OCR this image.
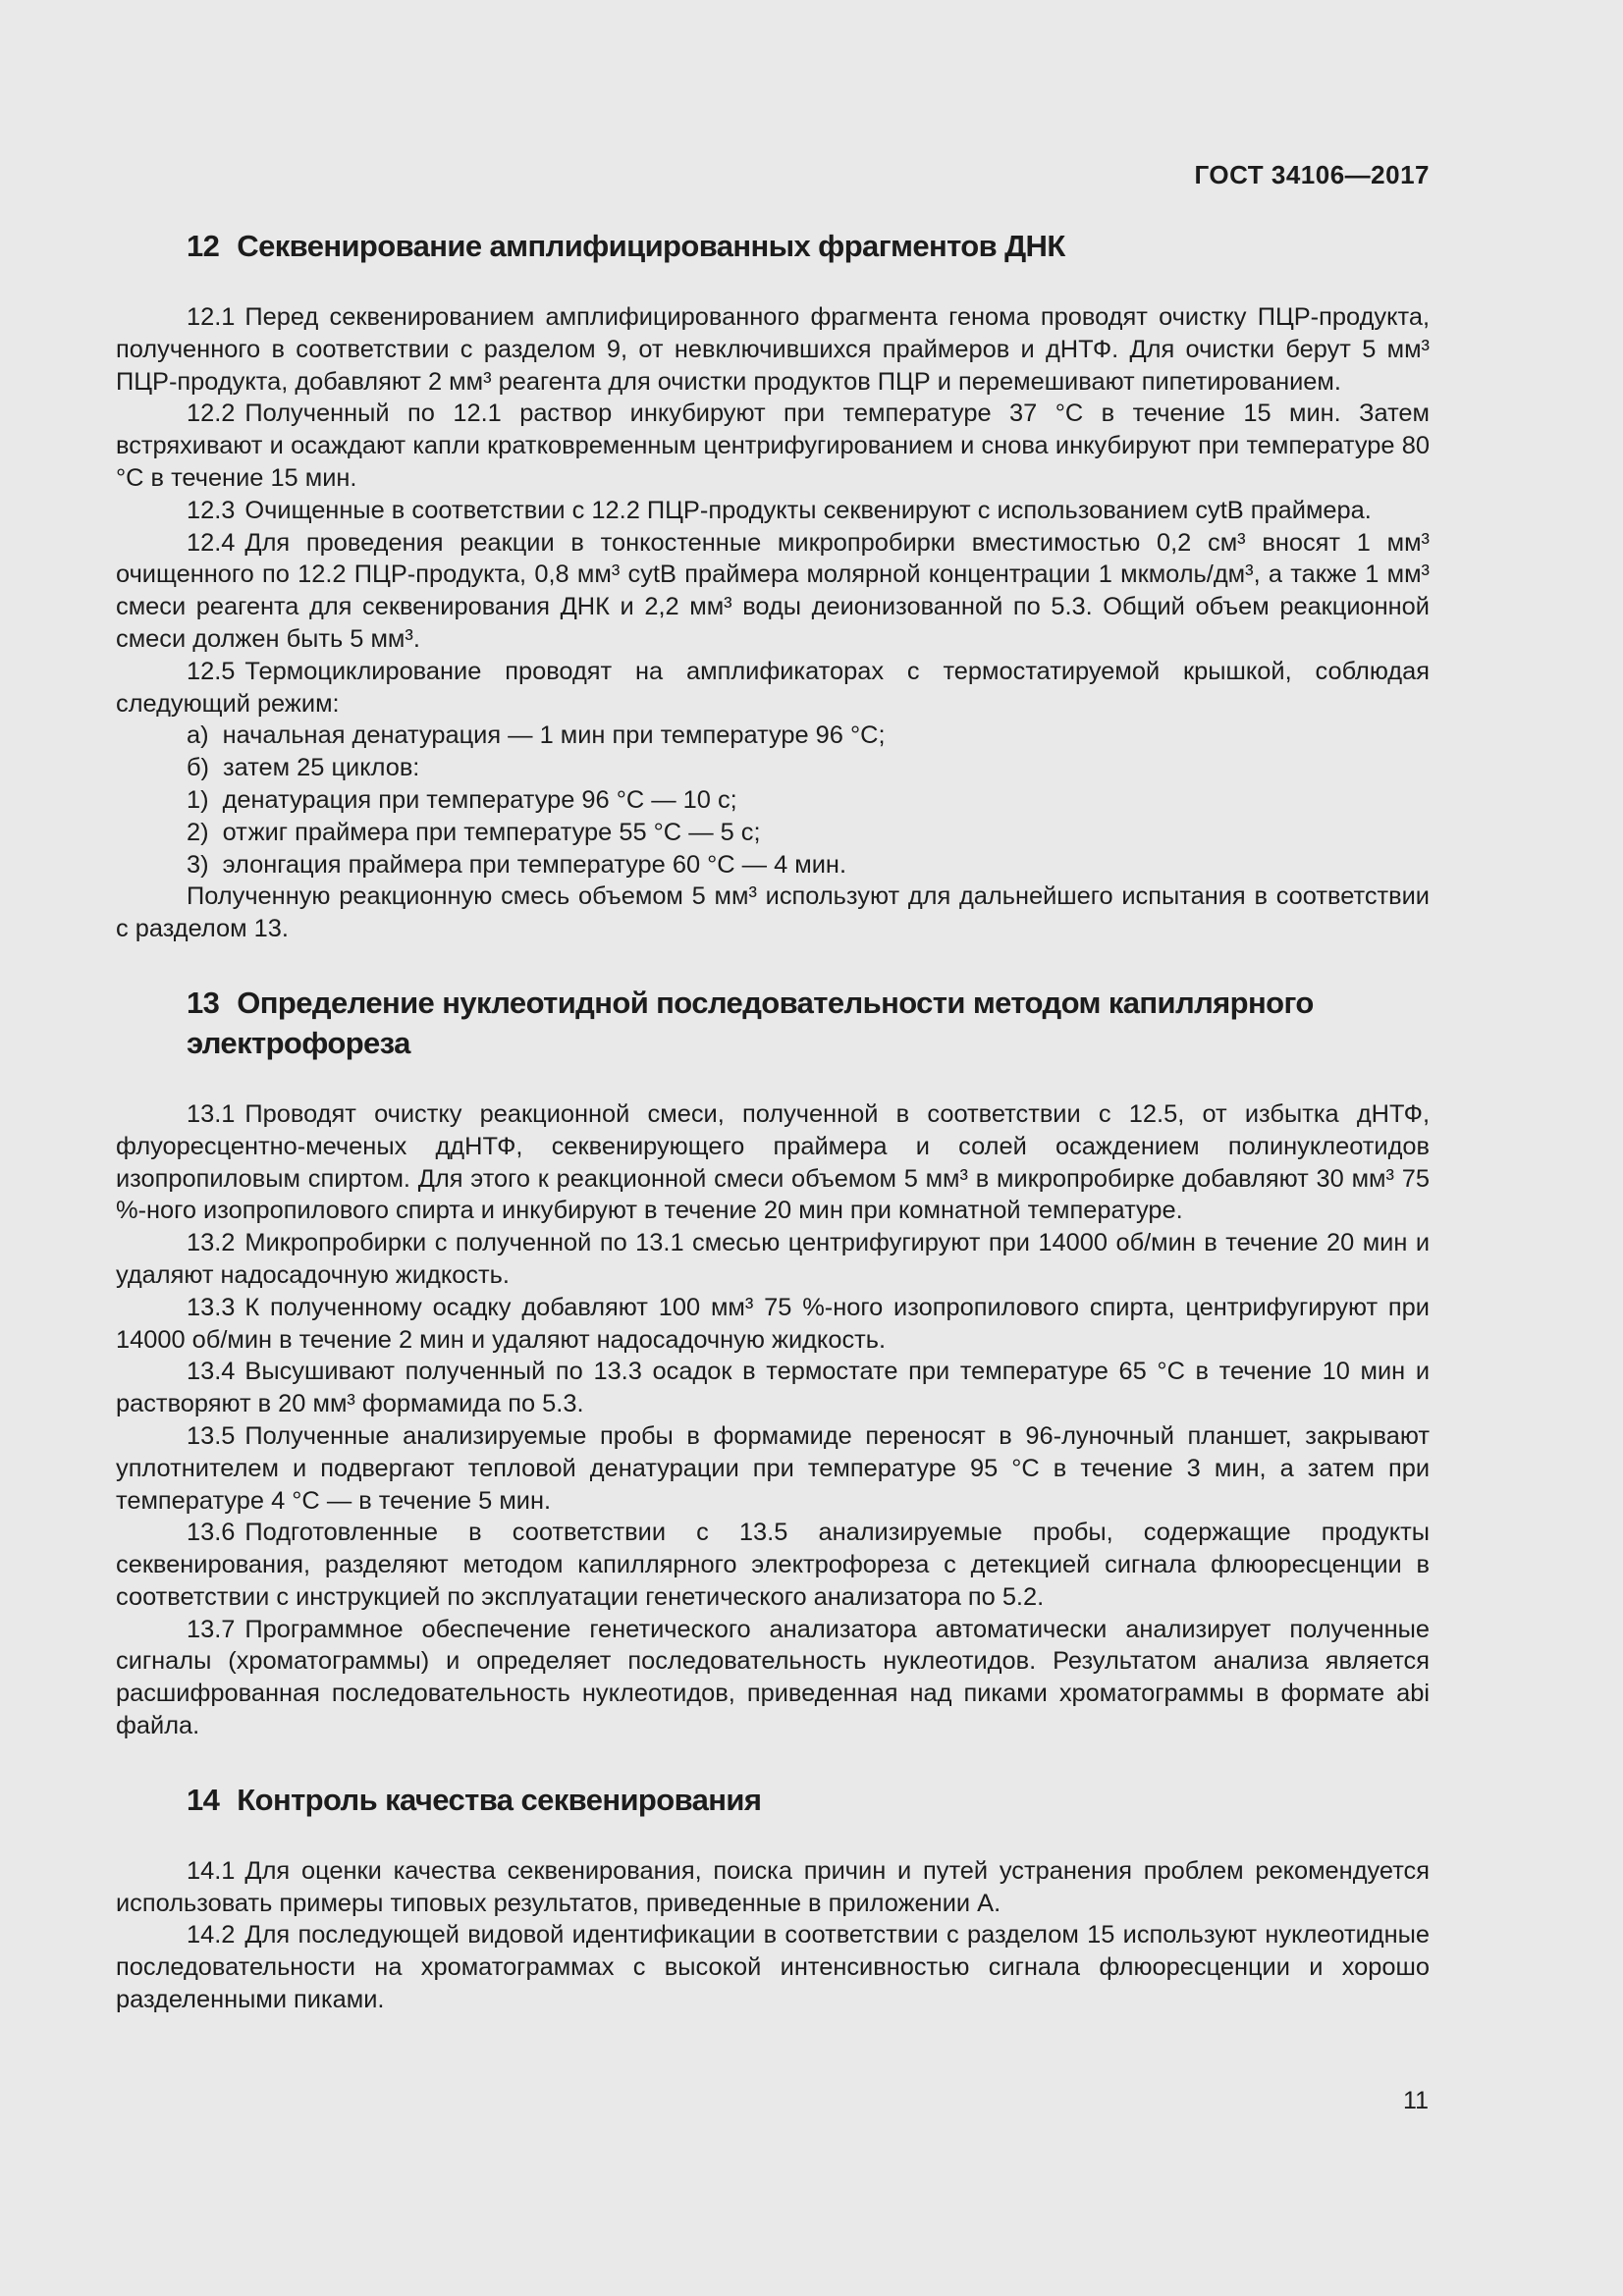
ГОСТ 34106—2017
12 Секвенирование амплифицированных фрагментов ДНК

12.1 Перед секвенированием амплифицированного фрагмента генома проводят очистку ПЦР-продукта, полученного в соответствии с разделом 9, от невключившихся праймеров и дНТФ. Для очистки берут 5 мм³ ПЦР-продукта, добавляют 2 мм³ реагента для очистки продуктов ПЦР и перемешивают пипетированием.

12.2 Полученный по 12.1 раствор инкубируют при температуре 37 °С в течение 15 мин. Затем встряхивают и осаждают капли кратковременным центрифугированием и снова инкубируют при температуре 80 °С в течение 15 мин.

12.3 Очищенные в соответствии с 12.2 ПЦР-продукты секвенируют с использованием cytB праймера.

12.4 Для проведения реакции в тонкостенные микропробирки вместимостью 0,2 см³ вносят 1 мм³ очищенного по 12.2 ПЦР-продукта, 0,8 мм³ cytB праймера молярной концентрации 1 мкмоль/дм³, а также 1 мм³ смеси реагента для секвенирования ДНК и 2,2 мм³ воды деионизованной по 5.3. Общий объем реакционной смеси должен быть 5 мм³.

12.5 Термоциклирование проводят на амплификаторах с термостатируемой крышкой, соблюдая следующий режим:

а) начальная денатурация — 1 мин при температуре 96 °С;

б) затем 25 циклов:

1) денатурация при температуре 96 °С — 10 с;

2) отжиг праймера при температуре 55 °С — 5 с;

3) элонгация праймера при температуре 60 °С — 4 мин.

Полученную реакционную смесь объемом 5 мм³ используют для дальнейшего испытания в соответствии с разделом 13.

13 Определение нуклеотидной последовательности методом капиллярного электрофореза

13.1 Проводят очистку реакционной смеси, полученной в соответствии с 12.5, от избытка дНТФ, флуоресцентно-меченых ддНТФ, секвенирующего праймера и солей осаждением полинуклеотидов изопропиловым спиртом. Для этого к реакционной смеси объемом 5 мм³ в микропробирке добавляют 30 мм³ 75 %-ного изопропилового спирта и инкубируют в течение 20 мин при комнатной температуре.

13.2 Микропробирки с полученной по 13.1 смесью центрифугируют при 14000 об/мин в течение 20 мин и удаляют надосадочную жидкость.

13.3 К полученному осадку добавляют 100 мм³ 75 %-ного изопропилового спирта, центрифугируют при 14000 об/мин в течение 2 мин и удаляют надосадочную жидкость.

13.4 Высушивают полученный по 13.3 осадок в термостате при температуре 65 °С в течение 10 мин и растворяют в 20 мм³ формамида по 5.3.

13.5 Полученные анализируемые пробы в формамиде переносят в 96-луночный планшет, закрывают уплотнителем и подвергают тепловой денатурации при температуре 95 °С в течение 3 мин, а затем при температуре 4 °С — в течение 5 мин.

13.6 Подготовленные в соответствии с 13.5 анализируемые пробы, содержащие продукты секвенирования, разделяют методом капиллярного электрофореза с детекцией сигнала флюоресценции в соответствии с инструкцией по эксплуатации генетического анализатора по 5.2.

13.7 Программное обеспечение генетического анализатора автоматически анализирует полученные сигналы (хроматограммы) и определяет последовательность нуклеотидов. Результатом анализа является расшифрованная последовательность нуклеотидов, приведенная над пиками хроматограммы в формате abi файла.

14 Контроль качества секвенирования

14.1 Для оценки качества секвенирования, поиска причин и путей устранения проблем рекомендуется использовать примеры типовых результатов, приведенные в приложении А.

14.2 Для последующей видовой идентификации в соответствии с разделом 15 используют нуклеотидные последовательности на хроматограммах с высокой интенсивностью сигнала флюоресценции и хорошо разделенными пиками.

11
